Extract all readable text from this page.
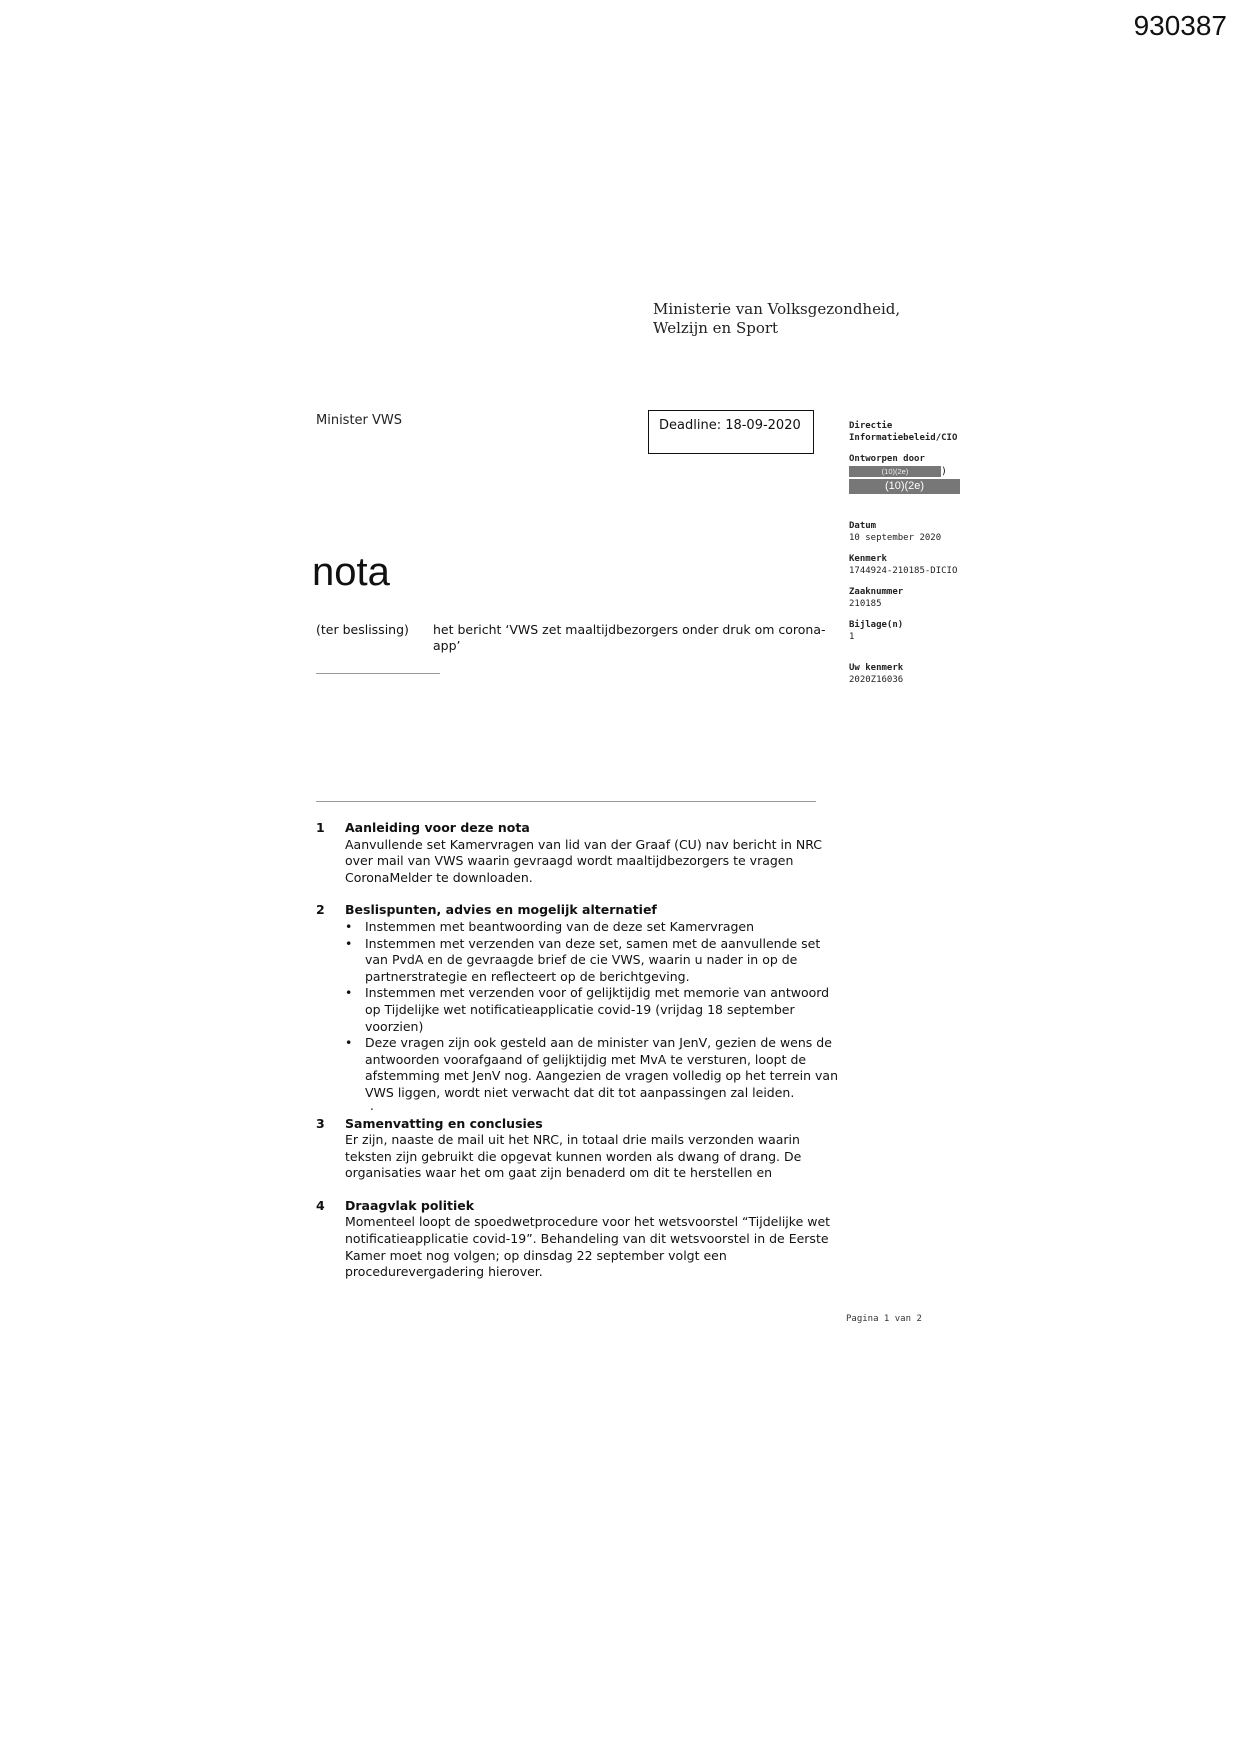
930387
Ministerie van Volksgezondheid,
Welzijn en Sport
Minister VWS	Deadline: 18-09-2020	Directie
Informatiebeleid/CIO
Ontworpen door
(10)(2e)	)
(10)(2e)
Datum
10 september 2020
Kenmerk
1744924-210185-DICIO
Zaaknummer
210185
Bijlage(n)
1
Uw kenmerk
2020Z16036
nota
(ter beslissing) het bericht ‘VWS zet maaltijdbezorgers onder druk om corona-app’
1 Aanleiding voor deze nota
Aanvullende set Kamervragen van lid van der Graaf (CU) nav bericht in NRC over mail van VWS waarin gevraagd wordt maaltijdbezorgers te vragen CoronaMelder te downloaden.
2 Beslispunten, advies en mogelijk alternatief
• Instemmen met beantwoording van de deze set Kamervragen
• Instemmen met verzenden van deze set, samen met de aanvullende set van PvdA en de gevraagde brief de cie VWS, waarin u nader in op de partnerstrategie en reflecteert op de berichtgeving.
• Instemmen met verzenden voor of gelijktijdig met memorie van antwoord op Tijdelijke wet notificatieapplicatie covid-19 (vrijdag 18 september voorzien)
• Deze vragen zijn ook gesteld aan de minister van JenV, gezien de wens de antwoorden voorafgaand of gelijktijdig met MvA te versturen, loopt de afstemming met JenV nog. Aangezien de vragen volledig op het terrein van VWS liggen, wordt niet verwacht dat dit tot aanpassingen zal leiden.
.
3 Samenvatting en conclusies
Er zijn, naaste de mail uit het NRC, in totaal drie mails verzonden waarin teksten zijn gebruikt die opgevat kunnen worden als dwang of drang. De organisaties waar het om gaat zijn benaderd om dit te herstellen en
4 Draagvlak politiek
Momenteel loopt de spoedwetprocedure voor het wetsvoorstel “Tijdelijke wet notificatieapplicatie covid-19”. Behandeling van dit wetsvoorstel in de Eerste Kamer moet nog volgen; op dinsdag 22 september volgt een procedurevergadering hierover.
Pagina 1 van 2
